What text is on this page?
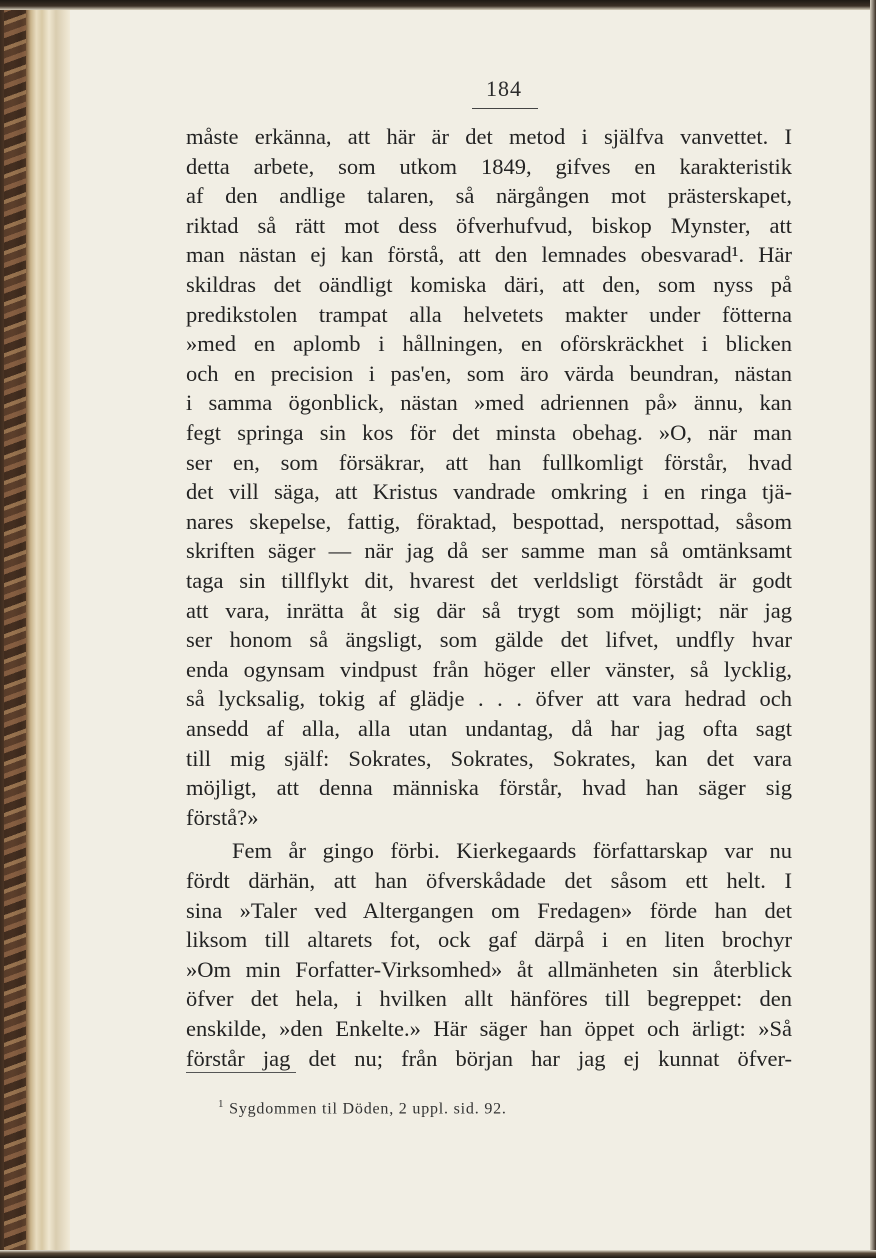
184
måste erkänna, att här är det metod i själfva vanvettet. I
detta arbete, som utkom 1849, gifves en karakteristik
af den andlige talaren, så närgången mot prästerskapet,
riktad så rätt mot dess öfverhufvud, biskop Mynster, att
man nästan ej kan förstå, att den lemnades obesvarad¹. Här
skildras det oändligt komiska däri, att den, som nyss på
predikstolen trampat alla helvetets makter under fötterna
»med en aplomb i hållningen, en oförskräckhet i blicken
och en precision i pas'en, som äro värda beundran, nästan
i samma ögonblick, nästan »med adriennen på» ännu, kan
fegt springa sin kos för det minsta obehag. »O, när man
ser en, som försäkrar, att han fullkomligt förstår, hvad
det vill säga, att Kristus vandrade omkring i en ringa tjä-
nares skepelse, fattig, föraktad, bespottad, nerspottad, såsom
skriften säger — när jag då ser samme man så omtänksamt
taga sin tillflykt dit, hvarest det verldsligt förstådt är godt
att vara, inrätta åt sig där så trygt som möjligt; när jag
ser honom så ängsligt, som gälde det lifvet, undfly hvar
enda ogynsam vindpust från höger eller vänster, så lycklig,
så lycksalig, tokig af glädje . . . öfver att vara hedrad och
ansedd af alla, alla utan undantag, då har jag ofta sagt
till mig själf: Sokrates, Sokrates, Sokrates, kan det vara
möjligt, att denna människa förstår, hvad han säger sig
förstå?»
Fem år gingo förbi. Kierkegaards författarskap var nu
fördt därhän, att han öfverskådade det såsom ett helt. I
sina »Taler ved Altergangen om Fredagen» förde han det
liksom till altarets fot, ock gaf därpå i en liten brochyr
»Om min Forfatter-Virksomhed» åt allmänheten sin återblick
öfver det hela, i hvilken allt hänföres till begreppet: den
enskilde, »den Enkelte.» Här säger han öppet och ärligt: »Så
förstår jag det nu; från början har jag ej kunnat öfver-
$^1$ Sygdommen til Döden, 2 uppl. sid. 92.
